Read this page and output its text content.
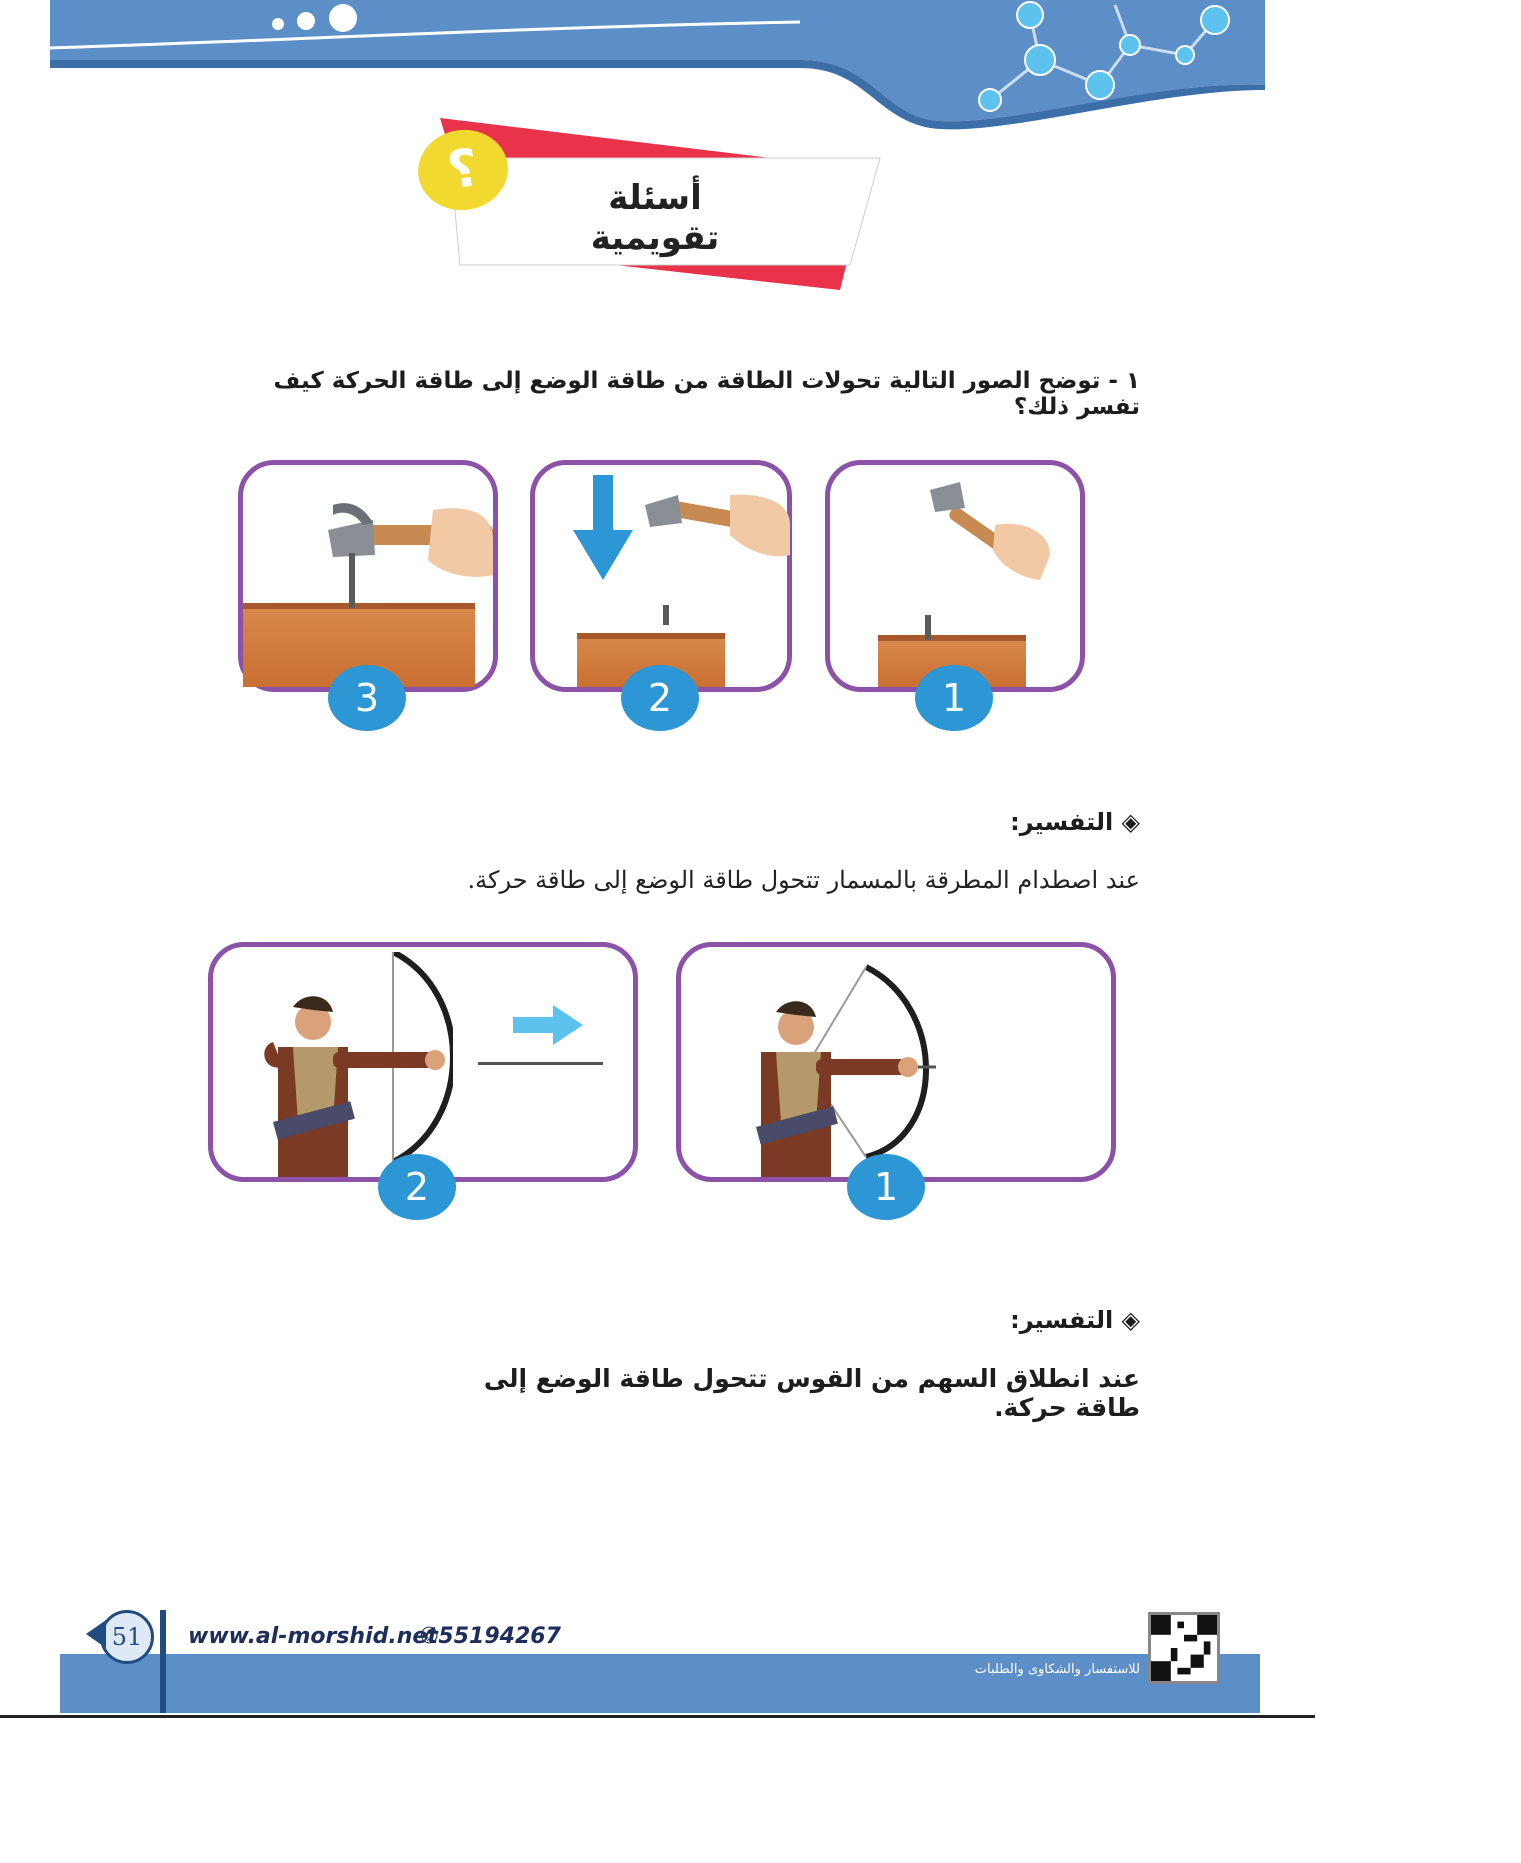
؟	أسئلة تقويمية
١ - توضح الصور التالية تحولات الطاقة من طاقة الوضع إلى طاقة الحركة كيف تفسر ذلك؟
3	2	1
◈ التفسير:
عند اصطدام المطرقة بالمسمار تتحول طاقة الوضع إلى طاقة حركة.
2	1
◈ التفسير:
عند انطلاق السهم من القوس تتحول طاقة الوضع إلى طاقة حركة.
51	www.al-morshid.net
✆55194267
للاستفسار والشكاوى والطلبات
